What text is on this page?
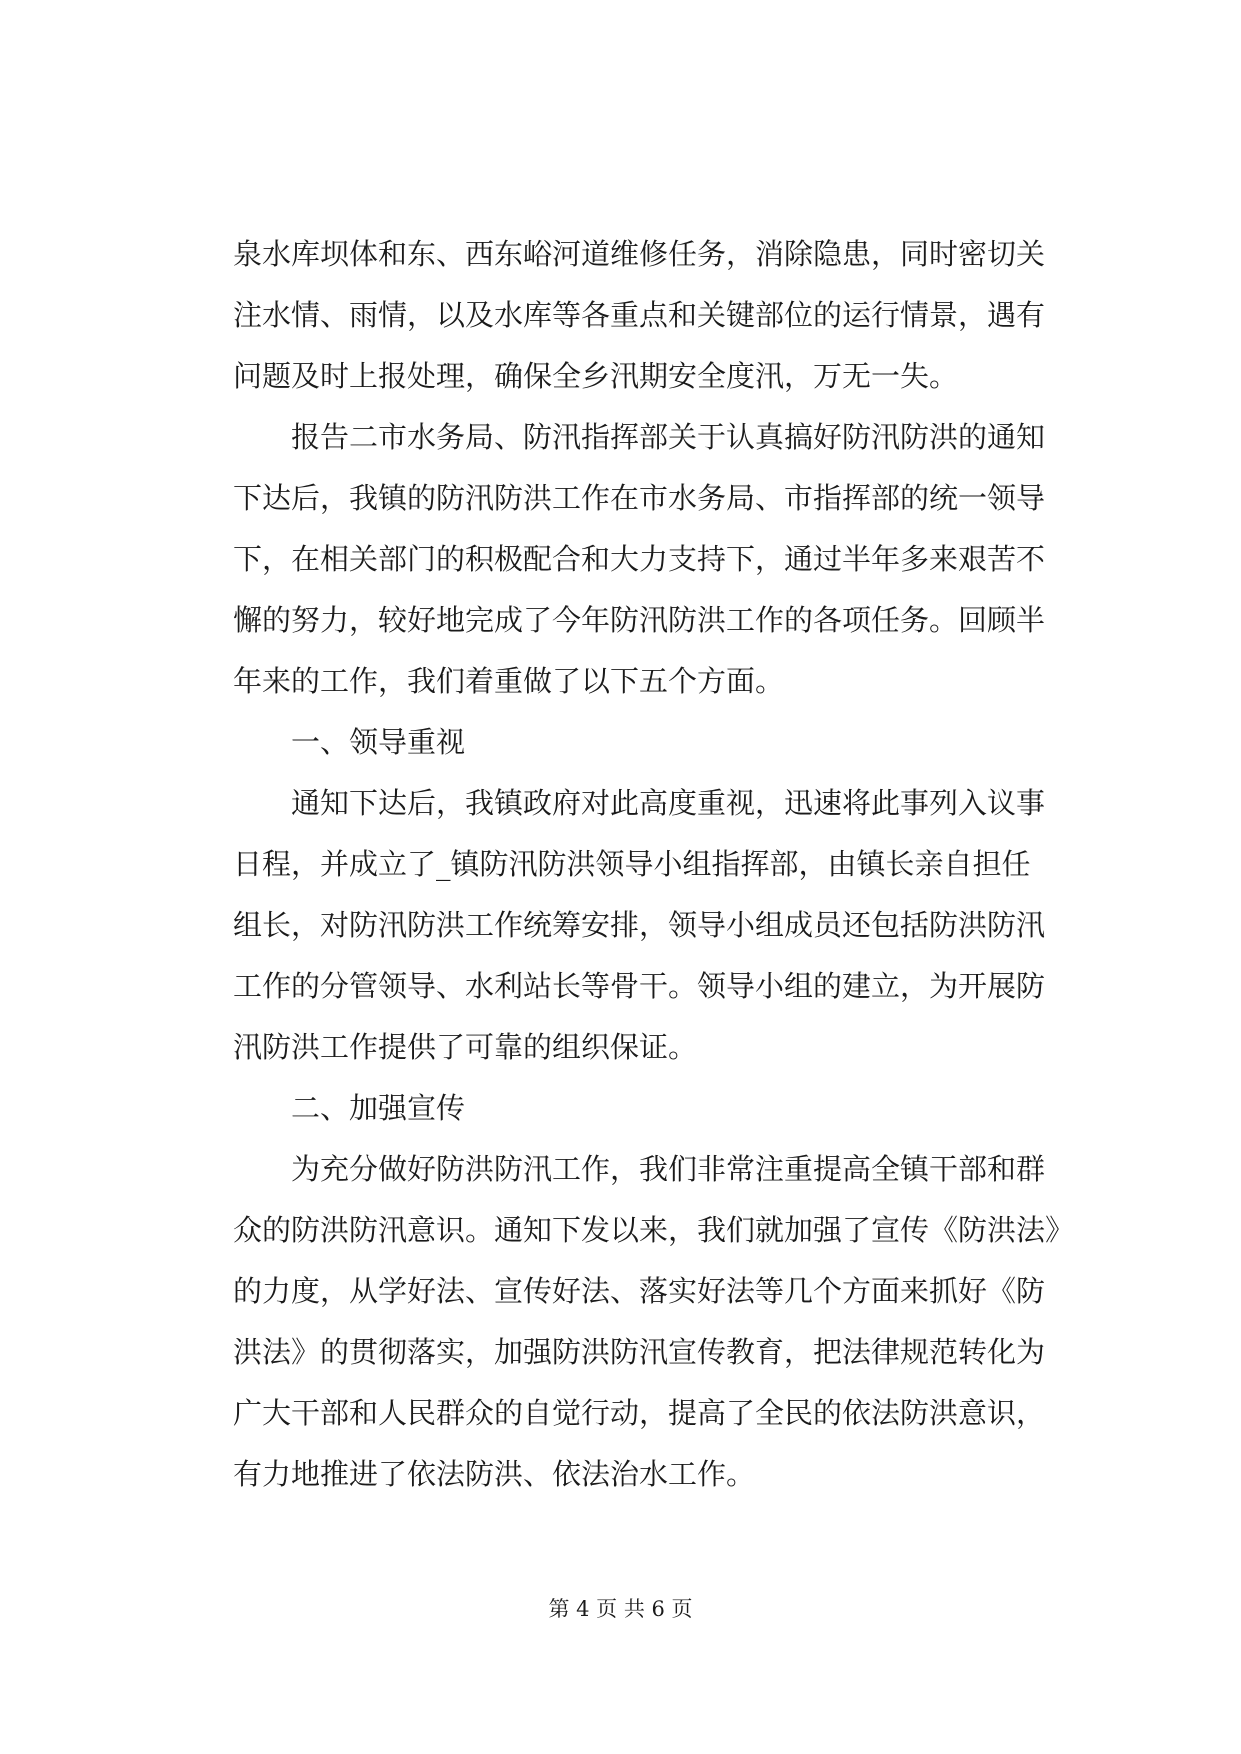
泉水库坝体和东、西东峪河道维修任务，消除隐患，同时密切关
注水情、雨情，以及水库等各重点和关键部位的运行情景，遇有
问题及时上报处理，确保全乡汛期安全度汛，万无一失。
报告二市水务局、防汛指挥部关于认真搞好防汛防洪的通知
下达后，我镇的防汛防洪工作在市水务局、市指挥部的统一领导
下，在相关部门的积极配合和大力支持下，通过半年多来艰苦不
懈的努力，较好地完成了今年防汛防洪工作的各项任务。回顾半
年来的工作，我们着重做了以下五个方面。
一、领导重视
通知下达后，我镇政府对此高度重视，迅速将此事列入议事
日程，并成立了_镇防汛防洪领导小组指挥部，由镇长亲自担任
组长，对防汛防洪工作统筹安排，领导小组成员还包括防洪防汛
工作的分管领导、水利站长等骨干。领导小组的建立，为开展防
汛防洪工作提供了可靠的组织保证。
二、加强宣传
为充分做好防洪防汛工作，我们非常注重提高全镇干部和群
众的防洪防汛意识。通知下发以来，我们就加强了宣传《防洪法》
的力度，从学好法、宣传好法、落实好法等几个方面来抓好《防
洪法》的贯彻落实，加强防洪防汛宣传教育，把法律规范转化为
广大干部和人民群众的自觉行动，提高了全民的依法防洪意识，
有力地推进了依法防洪、依法治水工作。
第 4 页 共 6 页
